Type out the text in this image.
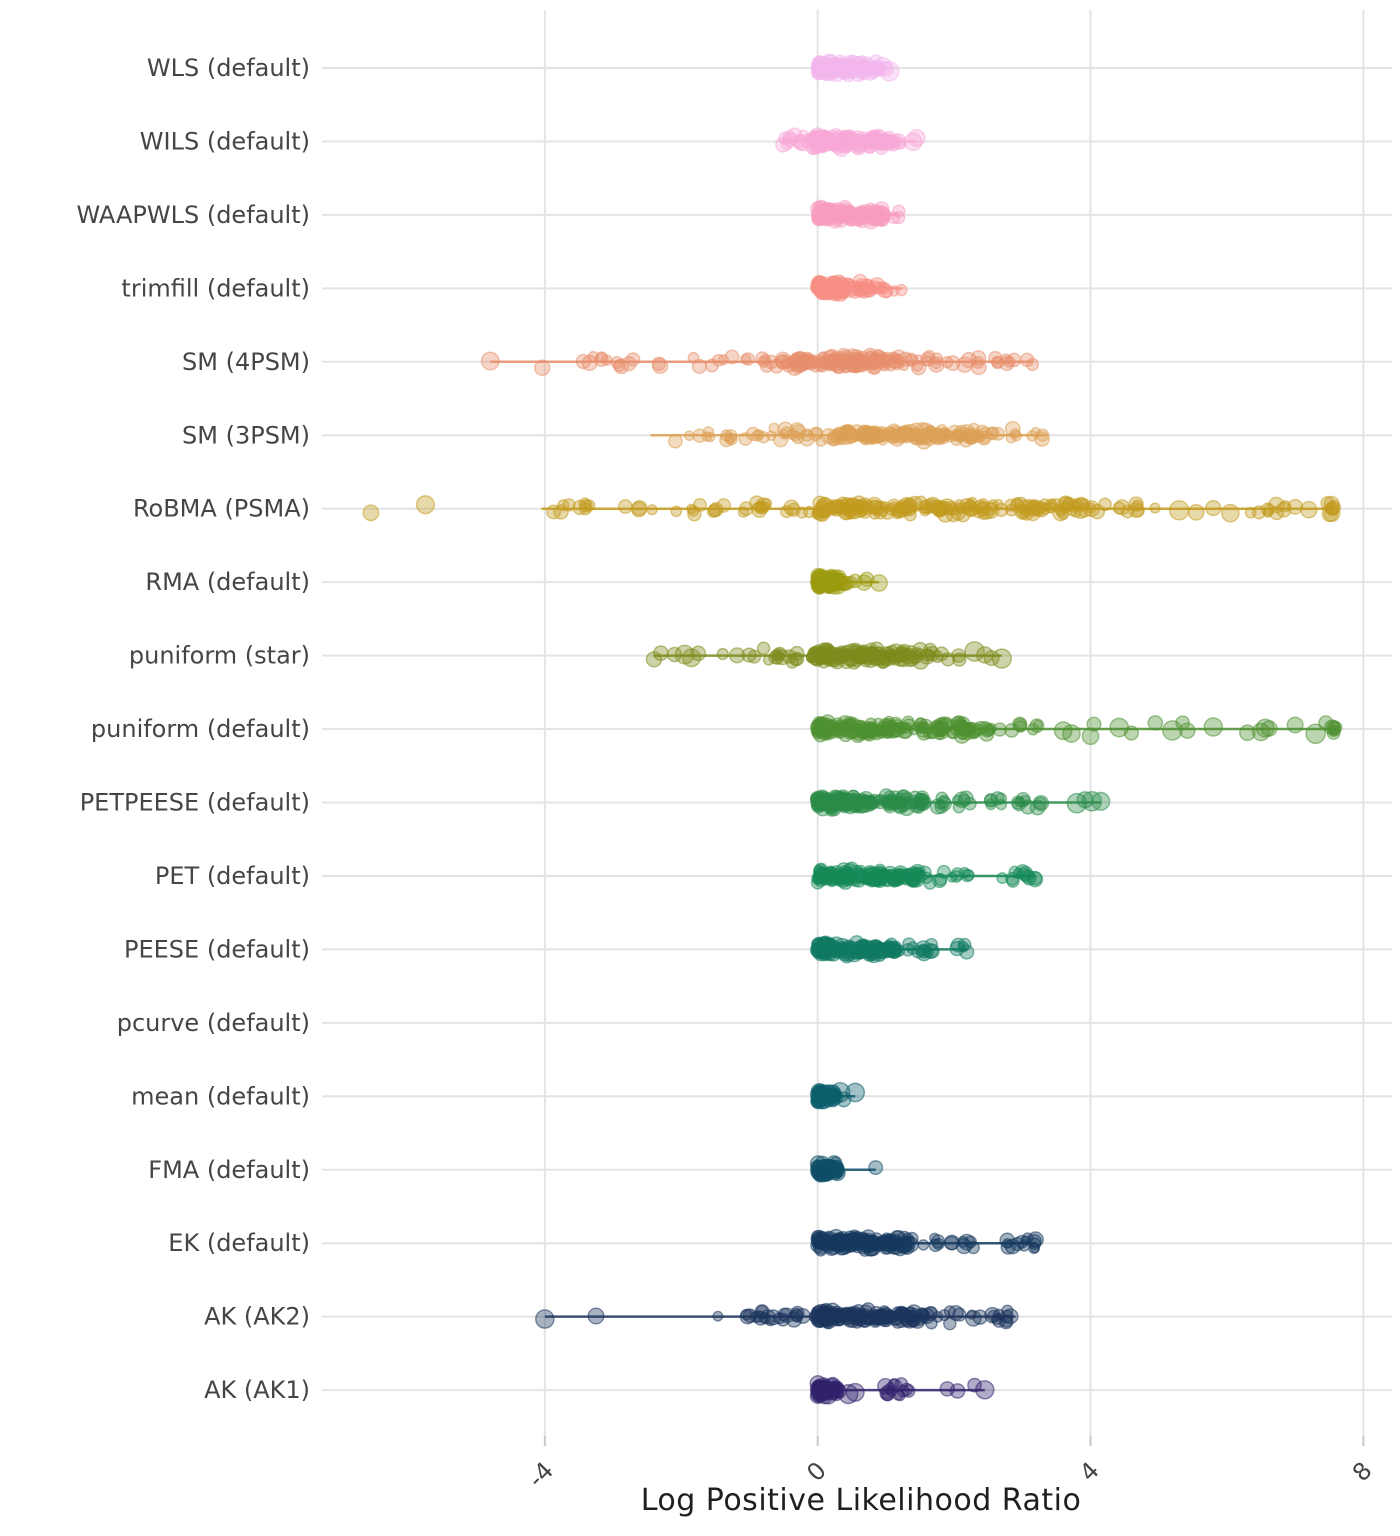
-4	0	4	8
WLS (default)
WILS (default)
WAAPWLS (default)
trimfill (default)
SM (4PSM)
SM (3PSM)
RoBMA (PSMA)
RMA (default)
puniform (star)
puniform (default)
PETPEESE (default)
PET (default)
PEESE (default)
pcurve (default)
mean (default)
FMA (default)
EK (default)
AK (AK2)
AK (AK1)
Log Positive Likelihood Ratio
